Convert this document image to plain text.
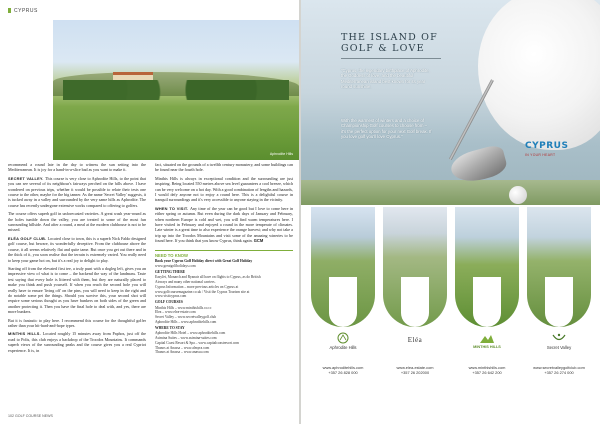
CYPRUS
Aphrodite Hills

recommend a round late in the day to witness the sun setting into the Mediterranean. It is joy for a hand-in-a-slice bad as you want to make it.

SECRET VALLEY. This course is very close to Aphrodite Hills, to the point that you can see several of its neighbour's fairways perched on the hills above. I have wondered on previous trips, whether it would be possible to relate their tests one course to the other, maybe for the big tanner. As the name 'Secret Valley' suggests, it is tucked away in a valley and surrounded by the very same hills as Aphrodite. The course has recently undergone extensive works compared to offering to golfers.

The course offers superb golf in unforecasted varieties. A great wash year-round as the holes tumble down the valley, you are treated to some of the most fun surrounding hillside. And after a round, a meal at the modern clubhouse is not to be missed.

ELÉA GOLF CLUB. Located close to town, this is a superb Nick Faldo designed golf course, but beware, its wonderfully deceptive. From the clubhouse above the course, it all seems relatively flat and quite tame. But once you get out there and in the thick of it, you soon realise that the terrain is extremely varied. You really need to keep your game hot on, but it's a real joy to delight to play.

Starting off from the elevated first tee, a truly punt with a dogleg left, gives you an impressive view of what is to come – the backend the way of the landmass. Taste test saying that every hole is littered with them, but they are naturally placed to make you think and push yourself. If when you reach the second hole you will really have to ensure 'living off' on the pins, you will need to keep in the right and do notable some pet the things. Should you survive this, your second shot will require some serious thought as you have bunkers on both sides of the green and another protecting it. Then you have the final hole to deal with, and yes, there are more bunkers.

But it is fantastic to play here. I recommend this course for the thoughtful golfer rather than your hit-hard-and-hope types.

MINTHIS HILLS. Located roughly 15 minutes away from Paphos, just off the road to Polis, this club enjoys a backdrop of the Troodos Mountains. It commands superb views of the surrounding peaks and the course gives you a real Cypriot experience. It is, in

fact, situated on the grounds of a twelfth century monastery, and some buildings can be found near the fourth hole.

Minthis Hills is always in exceptional condition and the surrounding are just inspiring. Being located 550 metres above sea level guarantees a cool breeze, which can be very welcome on a hot day. With a good combination of lengths and hazards, I would defy anyone not to enjoy a round here. This is a delightful course in tranquil surroundings and it's very accessible to anyone staying in the vicinity.

WHEN TO VISIT. Any time of the year can be good but I love to come here in either spring or autumn. But even during the dark days of January and February, when northern Europe is cold and wet, you will find warm temperatures here. I have visited in February and enjoyed a round in the more temperate of climates. Late winter is a great time to also experience the orange harvest; and why not take a trip up into the Troodos Mountains and visit some of the amazing wineries to be found here. If you think that you know Cyprus, think again. GCM

NEED TO KNOW

Book your Cyprus Golf Holiday direct with Great Golf Holiday

www.greatgolfholidays.com

GETTING THERE

EasyJet, Monarch and Ryanair all have on flights to Cyprus, as do British

Airways and many other national carriers.

Cyprus Information – more previous articles on Cyprus at

www.golfcoursemagazine.co.uk / Visit the Cyprus Tourism site at

www.visitcyprus.com

GOLF COURSES

Minthis Hills – www.minthishills.co.cc

Elea – www.elea-estate.com

Secret Valley – www.secretvalleygolf.club

Aphrodite Hills – www.aphroditehills.com

WHERE TO STAY

Aphrodite Hills Hotel – www.aphroditehills.com

Asimina Suites – www.asimina-suites.com

Capital Coast Resort & Spa – www.capitalcoastresort.com

Thanos at Anassa – www.almyra.com

Thanos at Anassa – www.anassa.com

102 GOLF COURSE NEWS

THE ISLAND OF

GOLF & LOVE

"Cyprus, the legendary birthplace of Aphrodite, the Goddess of love, and the beautiful Mediterranean island best known for its year round sunshine.

With the warmest of winters and a choice of Championship Golf courses to choose from – it's the perfect option for your next Golf break. If you love golf you'll love Cyprus."

CYPRUS
IN YOUR HEART
Aphrodite Hills
Eléa
MINTHIS HILLS	Secret Valley
www.aphroditehills.com
+357 26 828 000
www.elea-estate.com
+357 26 202000
www.minthishills.com
+357 26 642 200
www.secretvalleygolfclub.com
+357 26 274 000
